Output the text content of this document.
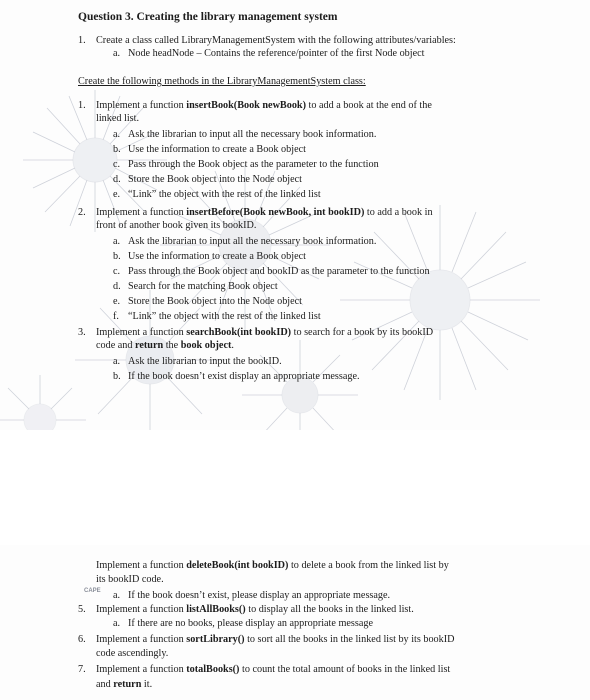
Question 3. Creating the library management system
1. Create a class called LibraryManagementSystem with the following attributes/variables:
a. Node headNode – Contains the reference/pointer of the first Node object
Create the following methods in the LibraryManagementSystem class:
1. Implement a function insertBook(Book newBook) to add a book at the end of the
linked list.
a. Ask the librarian to input all the necessary book information.
b. Use the information to create a Book object
c. Pass through the Book object as the parameter to the function
d. Store the Book object into the Node object
e. “Link” the object with the rest of the linked list
2. Implement a function insertBefore(Book newBook, int bookID) to add a book in
front of another book given its bookID.
a. Ask the librarian to input all the necessary book information.
b. Use the information to create a Book object
c. Pass through the Book object and bookID as the parameter to the function
d. Search for the matching Book object
e. Store the Book object into the Node object
f. “Link” the object with the rest of the linked list
3. Implement a function searchBook(int bookID) to search for a book by its bookID
code and return the book object.
a. Ask the librarian to input the bookID.
b. If the book doesn’t exist display an appropriate message.
Implement a function deleteBook(int bookID) to delete a book from the linked list by
its bookID code.
CAPE a. If the book doesn’t exist, please display an appropriate message.
5. Implement a function listAllBooks() to display all the books in the linked list.
a. If there are no books, please display an appropriate message
6. Implement a function sortLibrary() to sort all the books in the linked list by its bookID
code ascendingly.
7. Implement a function totalBooks() to count the total amount of books in the linked list
and return it.
